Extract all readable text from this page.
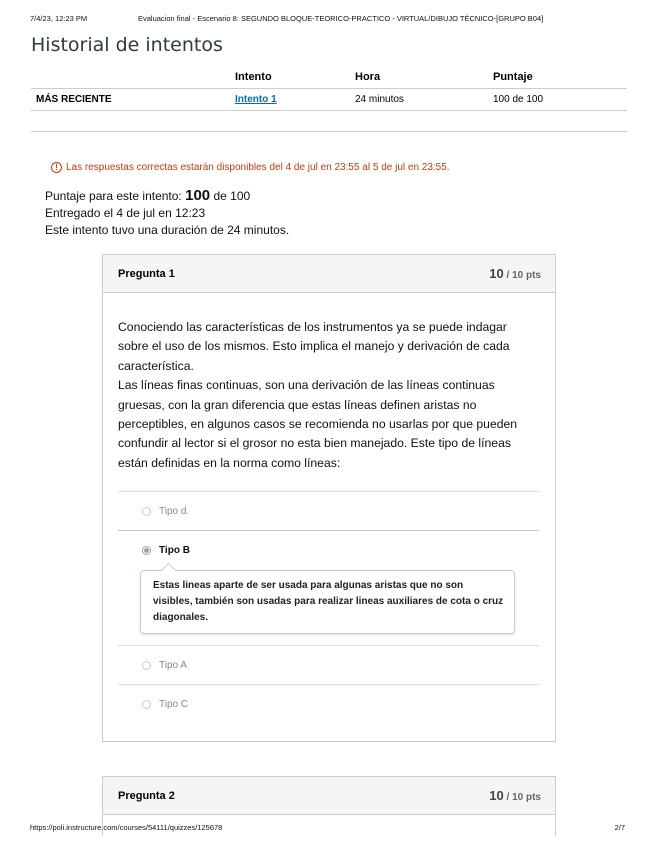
7/4/23, 12:23 PM	Evaluacion final - Escenario 8: SEGUNDO BLOQUE-TEORICO-PRACTICO - VIRTUAL/DIBUJO TÉCNICO-[GRUPO B04]
Historial de intentos
	Intento	Hora	Puntaje
MÁS RECIENTE	Intento 1	24 minutos	100 de 100
! Las respuestas correctas estarán disponibles del 4 de jul en 23:55 al 5 de jul en 23:55.
Puntaje para este intento: 100 de 100
Entregado el 4 de jul en 12:23
Este intento tuvo una duración de 24 minutos.
Pregunta 1	10 / 10 pts
Conociendo las características de los instrumentos ya se puede indagar sobre el uso de los mismos. Esto implica el manejo y derivación de cada característica.
Las líneas finas continuas, son una derivación de las líneas continuas gruesas, con la gran diferencia que estas líneas definen aristas no perceptibles, en algunos casos se recomienda no usarlas por que pueden confundir al lector si el grosor no esta bien manejado. Este tipo de líneas están definidas en la norma como líneas:
Tipo d.
Tipo B
Estas lineas aparte de ser usada para algunas aristas que no son visibles, también son usadas para realizar lineas auxiliares de cota o cruz diagonales.
Tipo A
Tipo C
Pregunta 2	10 / 10 pts
https://poli.instructure.com/courses/54111/quizzes/125678	2/7
